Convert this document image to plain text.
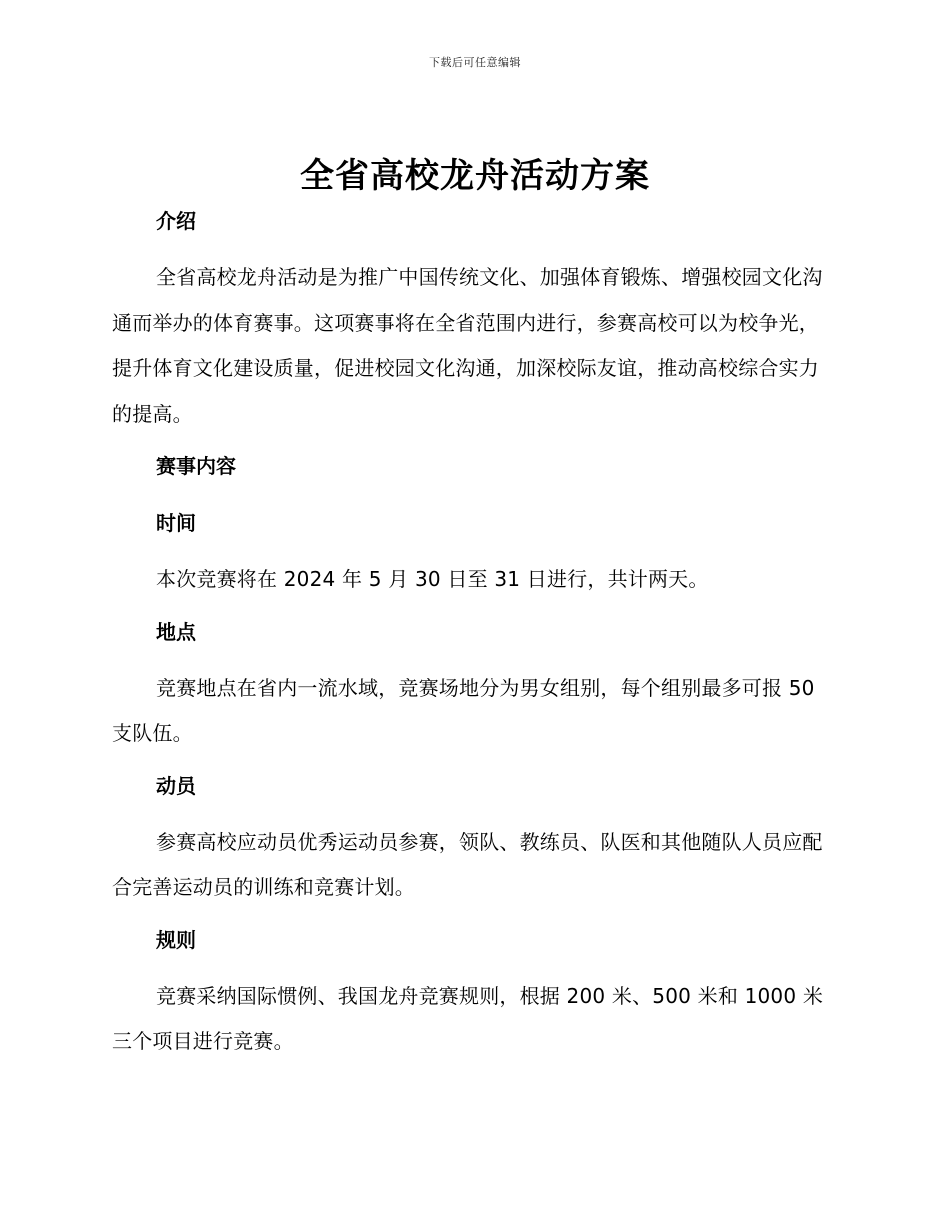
下载后可任意编辑
全省高校龙舟活动方案

介绍

全省高校龙舟活动是为推广中国传统文化、加强体育锻炼、增强校园文化沟通而举办的体育赛事。这项赛事将在全省范围内进行，参赛高校可以为校争光，提升体育文化建设质量，促进校园文化沟通，加深校际友谊，推动高校综合实力的提高。

赛事内容

时间

本次竞赛将在 2024 年 5 月 30 日至 31 日进行，共计两天。

地点

竞赛地点在省内一流水域，竞赛场地分为男女组别，每个组别最多可报 50 支队伍。

动员

参赛高校应动员优秀运动员参赛，领队、教练员、队医和其他随队人员应配合完善运动员的训练和竞赛计划。

规则

竞赛采纳国际惯例、我国龙舟竞赛规则，根据 200 米、500 米和 1000 米三个项目进行竞赛。
